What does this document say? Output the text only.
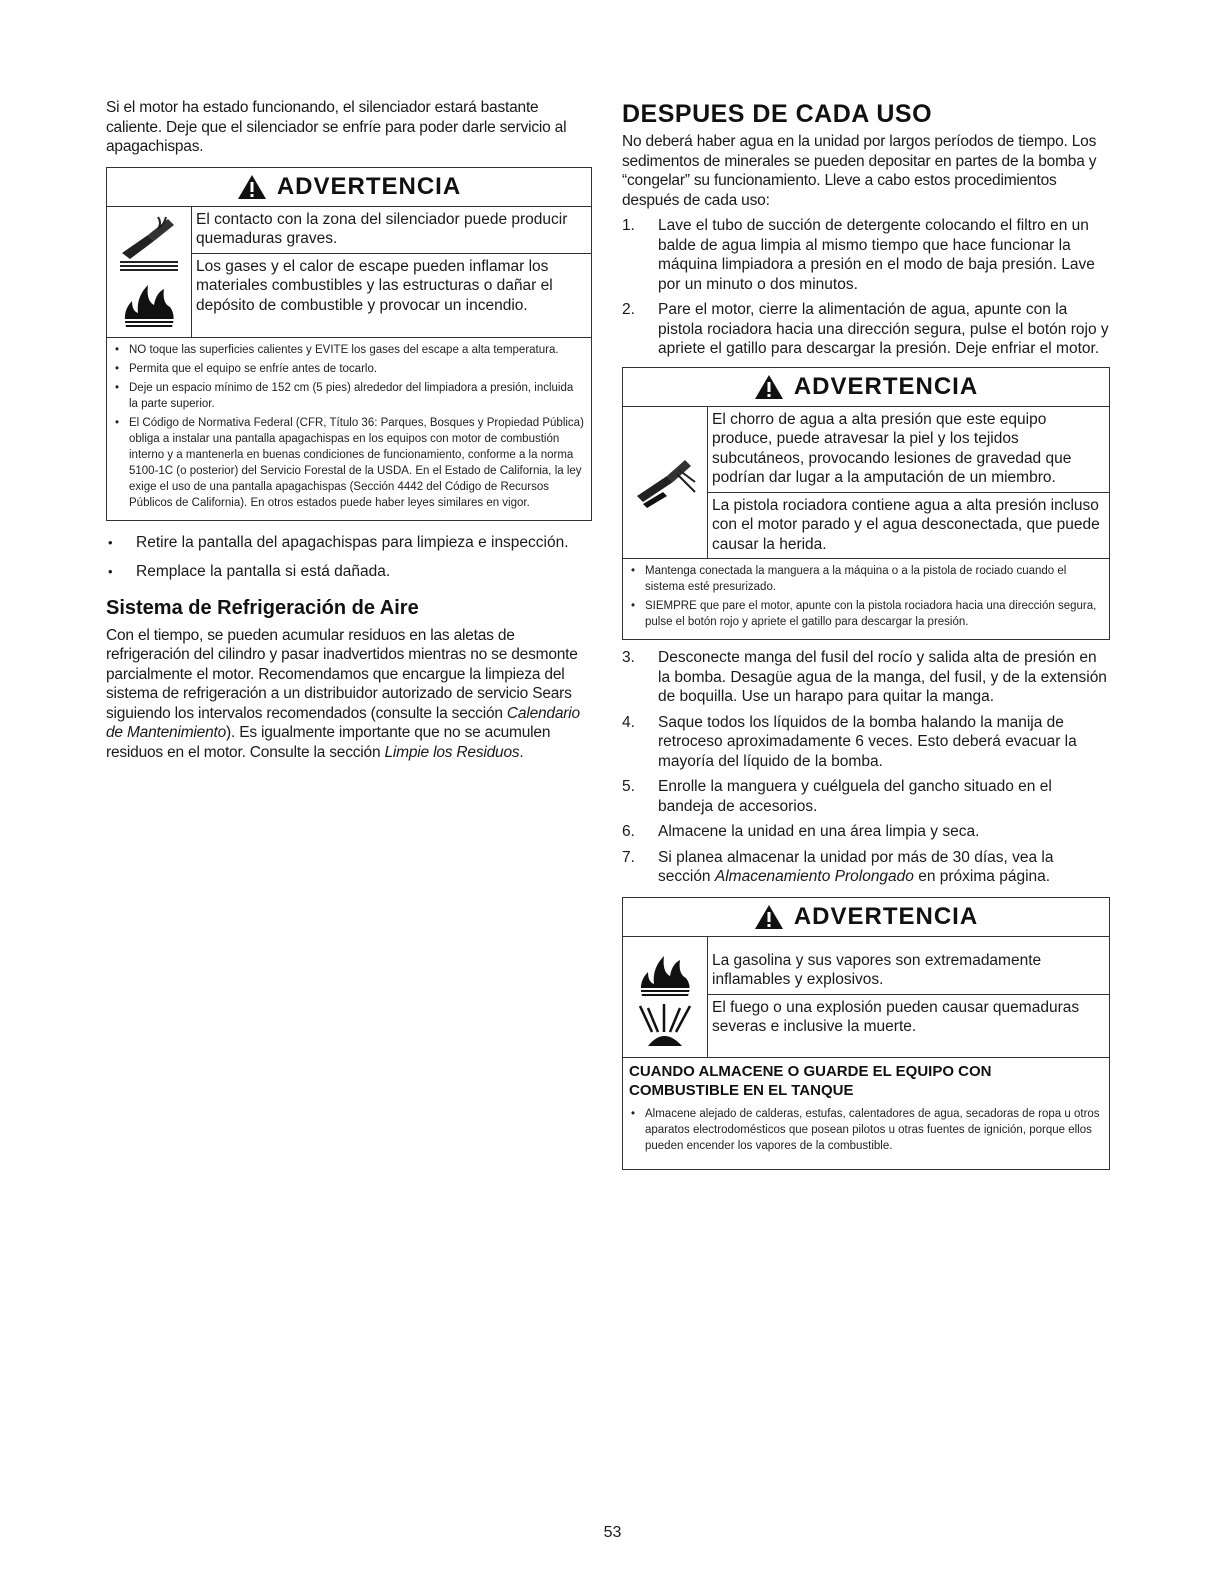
Si el motor ha estado funcionando, el silenciador estará bastante caliente. Deje que el silenciador se enfríe para poder darle servicio al apagachispas.

ADVERTENCIA

El contacto con la zona del silenciador puede producir quemaduras graves.

Los gases y el calor de escape pueden inflamar los materiales combustibles y las estructuras o dañar el depósito de combustible y provocar un incendio.

• NO toque las superficies calientes y EVITE los gases del escape a alta temperatura.
• Permita que el equipo se enfríe antes de tocarlo.
• Deje un espacio mínimo de 152 cm (5 pies) alrededor del limpiadora a presión, incluida la parte superior.
• El Código de Normativa Federal (CFR, Título 36: Parques, Bosques y Propiedad Pública) obliga a instalar una pantalla apagachispas en los equipos con motor de combustión interno y a mantenerla en buenas condiciones de funcionamiento, conforme a la norma 5100-1C (o posterior) del Servicio Forestal de la USDA. En el Estado de California, la ley exige el uso de una pantalla apagachispas (Sección 4442 del Código de Recursos Públicos de California). En otros estados puede haber leyes similares en vigor.
• Retire la pantalla del apagachispas para limpieza e inspección.
• Remplace la pantalla si está dañada.
Sistema de Refrigeración de Aire

Con el tiempo, se pueden acumular residuos en las aletas de refrigeración del cilindro y pasar inadvertidos mientras no se desmonte parcialmente el motor. Recomendamos que encargue la limpieza del sistema de refrigeración a un distribuidor autorizado de servicio Sears siguiendo los intervalos recomendados (consulte la sección Calendario de Mantenimiento). Es igualmente importante que no se acumulen residuos en el motor. Consulte la sección Limpie los Residuos.

DESPUES DE CADA USO

No deberá haber agua en la unidad por largos períodos de tiempo. Los sedimentos de minerales se pueden depositar en partes de la bomba y “congelar” su funcionamiento. Lleve a cabo estos procedimientos después de cada uso:

1. Lave el tubo de succión de detergente colocando el filtro en un balde de agua limpia al mismo tiempo que hace funcionar la máquina limpiadora a presión en el modo de baja presión. Lave por un minuto o dos minutos.
2. Pare el motor, cierre la alimentación de agua, apunte con la pistola rociadora hacia una dirección segura, pulse el botón rojo y apriete el gatillo para descargar la presión. Deje enfriar el motor.
ADVERTENCIA

El chorro de agua a alta presión que este equipo produce, puede atravesar la piel y los tejidos subcutáneos, provocando lesiones de gravedad que podrían dar lugar a la amputación de un miembro.

La pistola rociadora contiene agua a alta presión incluso con el motor parado y el agua desconectada, que puede causar la herida.

• Mantenga conectada la manguera a la máquina o a la pistola de rociado cuando el sistema esté presurizado.
• SIEMPRE que pare el motor, apunte con la pistola rociadora hacia una dirección segura, pulse el botón rojo y apriete el gatillo para descargar la presión.
3. Desconecte manga del fusil del rocío y salida alta de presión en la bomba. Desagüe agua de la manga, del fusil, y de la extensión de boquilla. Use un harapo para quitar la manga.
4. Saque todos los líquidos de la bomba halando la manija de retroceso aproximadamente 6 veces. Esto deberá evacuar la mayoría del líquido de la bomba.
5. Enrolle la manguera y cuélguela del gancho situado en el bandeja de accesorios.
6. Almacene la unidad en una área limpia y seca.
7. Si planea almacenar la unidad por más de 30 días, vea la sección Almacenamiento Prolongado en próxima página.
ADVERTENCIA

La gasolina y sus vapores son extremadamente inflamables y explosivos.

El fuego o una explosión pueden causar quemaduras severas e inclusive la muerte.

CUANDO ALMACENE O GUARDE EL EQUIPO CON COMBUSTIBLE EN EL TANQUE

• Almacene alejado de calderas, estufas, calentadores de agua, secadoras de ropa u otros aparatos electrodomésticos que posean pilotos u otras fuentes de ignición, porque ellos pueden encender los vapores de la combustible.
53
